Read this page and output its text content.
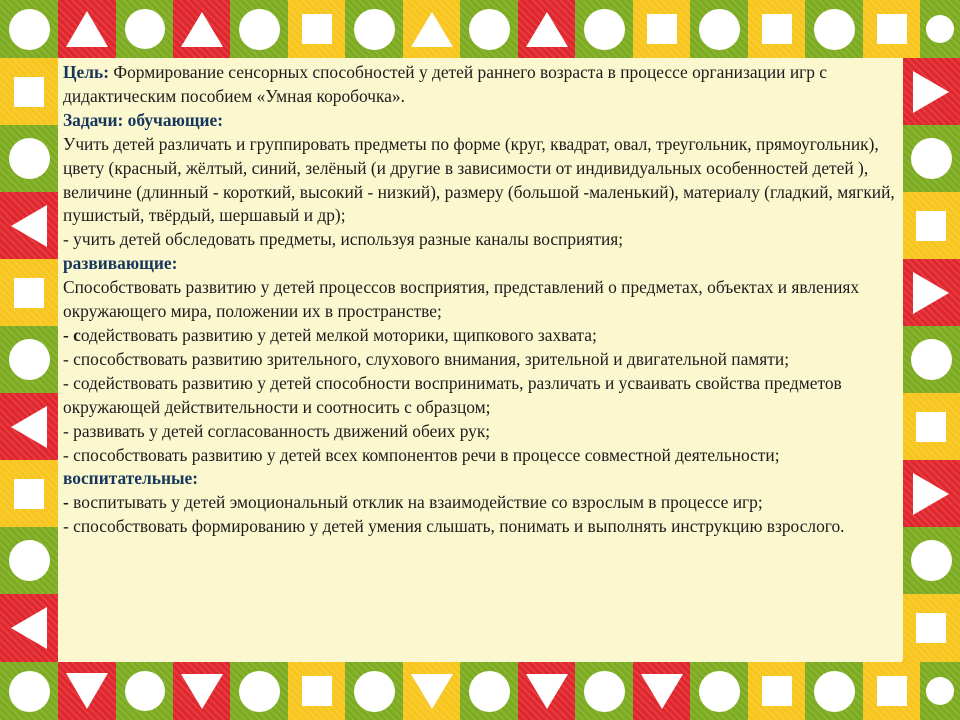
Цель: Формирование сенсорных способностей у детей раннего возраста в процессе организации игр с дидактическим пособием «Умная коробочка».

Задачи: обучающие:

Учить детей различать и группировать предметы по форме (круг, квадрат, овал, треугольник, прямоугольник), цвету (красный, жёлтый, синий, зелёный (и другие в зависимости от индивидуальных особенностей детей ), величине (длинный - короткий, высокий - низкий), размеру (большой -маленький), материалу (гладкий, мягкий, пушистый, твёрдый, шершавый и др);

- учить детей обследовать предметы, используя разные каналы восприятия;

развивающие:

Способствовать развитию у детей процессов восприятия, представлений о предметах, объектах и явлениях окружающего мира, положении их в пространстве;

- содействовать развитию у детей мелкой моторики, щипкового захвата;

- способствовать развитию зрительного, слухового внимания, зрительной и двигательной памяти;

- содействовать развитию у детей способности воспринимать, различать и усваивать свойства предметов окружающей действительности и соотносить с образцом;

- развивать у детей согласованность движений обеих рук;

- способствовать развитию у детей всех компонентов речи в процессе совместной деятельности;

воспитательные:

- воспитывать у детей эмоциональный отклик на взаимодействие со взрослым в процессе игр;

- способствовать формированию у детей умения слышать, понимать и выполнять инструкцию взрослого.
